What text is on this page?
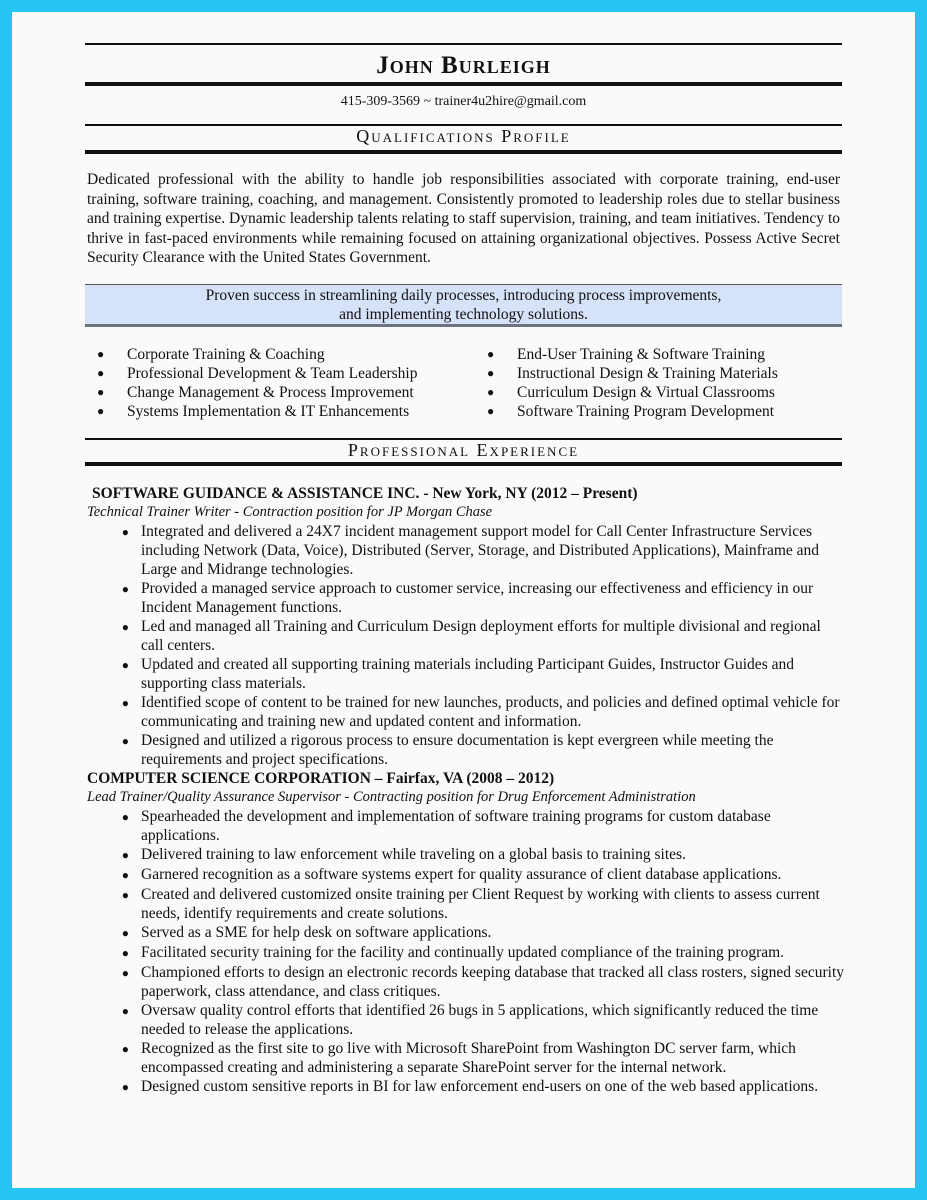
John Burleigh
415-309-3569 ~ trainer4u2hire@gmail.com
Qualifications Profile
Dedicated professional with the ability to handle job responsibilities associated with corporate training, end-user training, software training, coaching, and management. Consistently promoted to leadership roles due to stellar business and training expertise. Dynamic leadership talents relating to staff supervision, training, and team initiatives. Tendency to thrive in fast-paced environments while remaining focused on attaining organizational objectives. Possess Active Secret Security Clearance with the United States Government.
Proven success in streamlining daily processes, introducing process improvements,
and implementing technology solutions.
●	Corporate Training & Coaching
●	Professional Development & Team Leadership
●	Change Management & Process Improvement
●	Systems Implementation & IT Enhancements
●	End-User Training & Software Training
●	Instructional Design & Training Materials
●	Curriculum Design & Virtual Classrooms
●	Software Training Program Development
Professional Experience
SOFTWARE GUIDANCE & ASSISTANCE INC. - New York, NY (2012 – Present)
Technical Trainer Writer - Contraction position for JP Morgan Chase
● Integrated and delivered a 24X7 incident management support model for Call Center Infrastructure Services including Network (Data, Voice), Distributed (Server, Storage, and Distributed Applications), Mainframe and Large and Midrange technologies.
● Provided a managed service approach to customer service, increasing our effectiveness and efficiency in our Incident Management functions.
● Led and managed all Training and Curriculum Design deployment efforts for multiple divisional and regional call centers.
● Updated and created all supporting training materials including Participant Guides, Instructor Guides and supporting class materials.
● Identified scope of content to be trained for new launches, products, and policies and defined optimal vehicle for communicating and training new and updated content and information.
● Designed and utilized a rigorous process to ensure documentation is kept evergreen while meeting the requirements and project specifications.
COMPUTER SCIENCE CORPORATION – Fairfax, VA (2008 – 2012)
Lead Trainer/Quality Assurance Supervisor - Contracting position for Drug Enforcement Administration
● Spearheaded the development and implementation of software training programs for custom database applications.
● Delivered training to law enforcement while traveling on a global basis to training sites.
● Garnered recognition as a software systems expert for quality assurance of client database applications.
● Created and delivered customized onsite training per Client Request by working with clients to assess current needs, identify requirements and create solutions.
● Served as a SME for help desk on software applications.
● Facilitated security training for the facility and continually updated compliance of the training program.
● Championed efforts to design an electronic records keeping database that tracked all class rosters, signed security paperwork, class attendance, and class critiques.
● Oversaw quality control efforts that identified 26 bugs in 5 applications, which significantly reduced the time needed to release the applications.
● Recognized as the first site to go live with Microsoft SharePoint from Washington DC server farm, which encompassed creating and administering a separate SharePoint server for the internal network.
● Designed custom sensitive reports in BI for law enforcement end-users on one of the web based applications.
